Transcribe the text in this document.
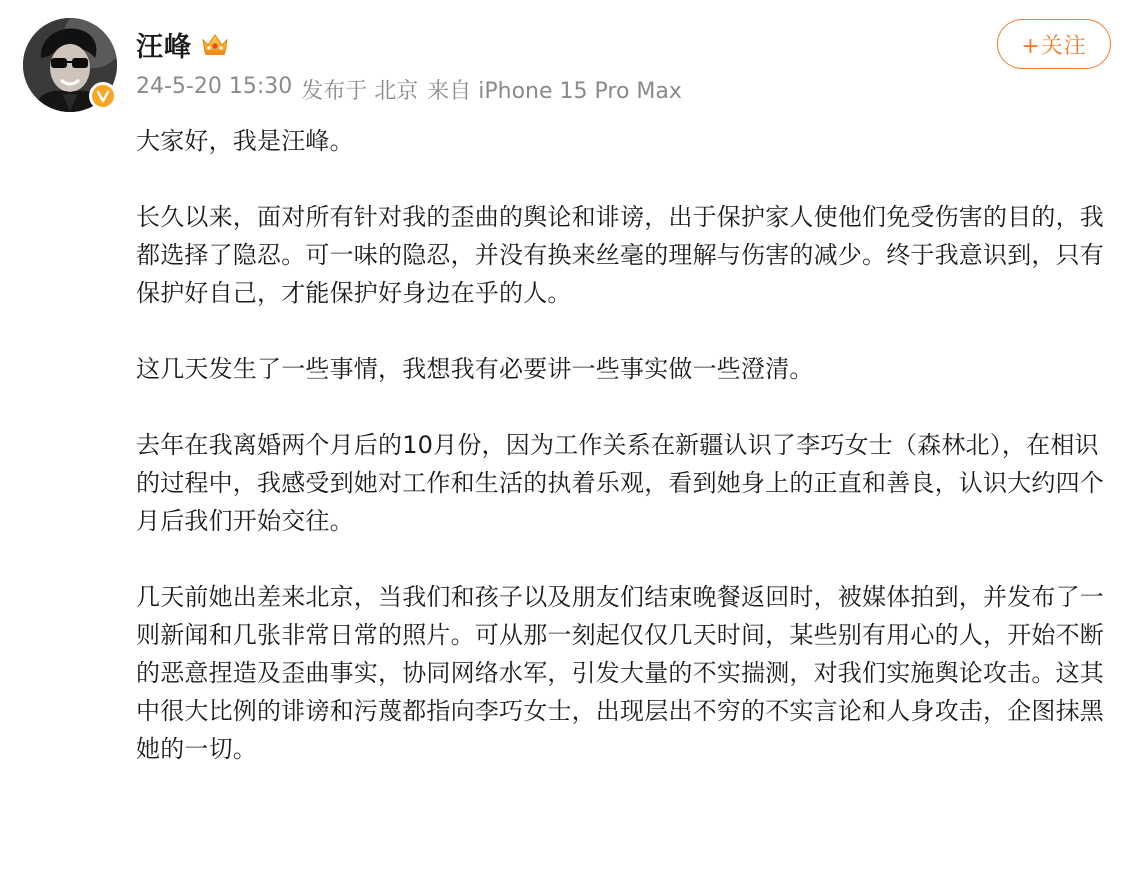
汪峰
24-5-20 15:30 发布于 北京 来自 iPhone 15 Pro Max
+关注

大家好，我是汪峰。

长久以来，面对所有针对我的歪曲的舆论和诽谤，出于保护家人使他们免受伤害的目的，我都选择了隐忍。可一味的隐忍，并没有换来丝毫的理解与伤害的减少。终于我意识到，只有保护好自己，才能保护好身边在乎的人。

这几天发生了一些事情，我想我有必要讲一些事实做一些澄清。

去年在我离婚两个月后的10月份，因为工作关系在新疆认识了李巧女士（森林北），在相识的过程中，我感受到她对工作和生活的执着乐观，看到她身上的正直和善良，认识大约四个月后我们开始交往。

几天前她出差来北京，当我们和孩子以及朋友们结束晚餐返回时，被媒体拍到，并发布了一则新闻和几张非常日常的照片。可从那一刻起仅仅几天时间，某些别有用心的人，开始不断的恶意捏造及歪曲事实，协同网络水军，引发大量的不实揣测，对我们实施舆论攻击。这其中很大比例的诽谤和污蔑都指向李巧女士，出现层出不穷的不实言论和人身攻击，企图抹黑她的一切。
